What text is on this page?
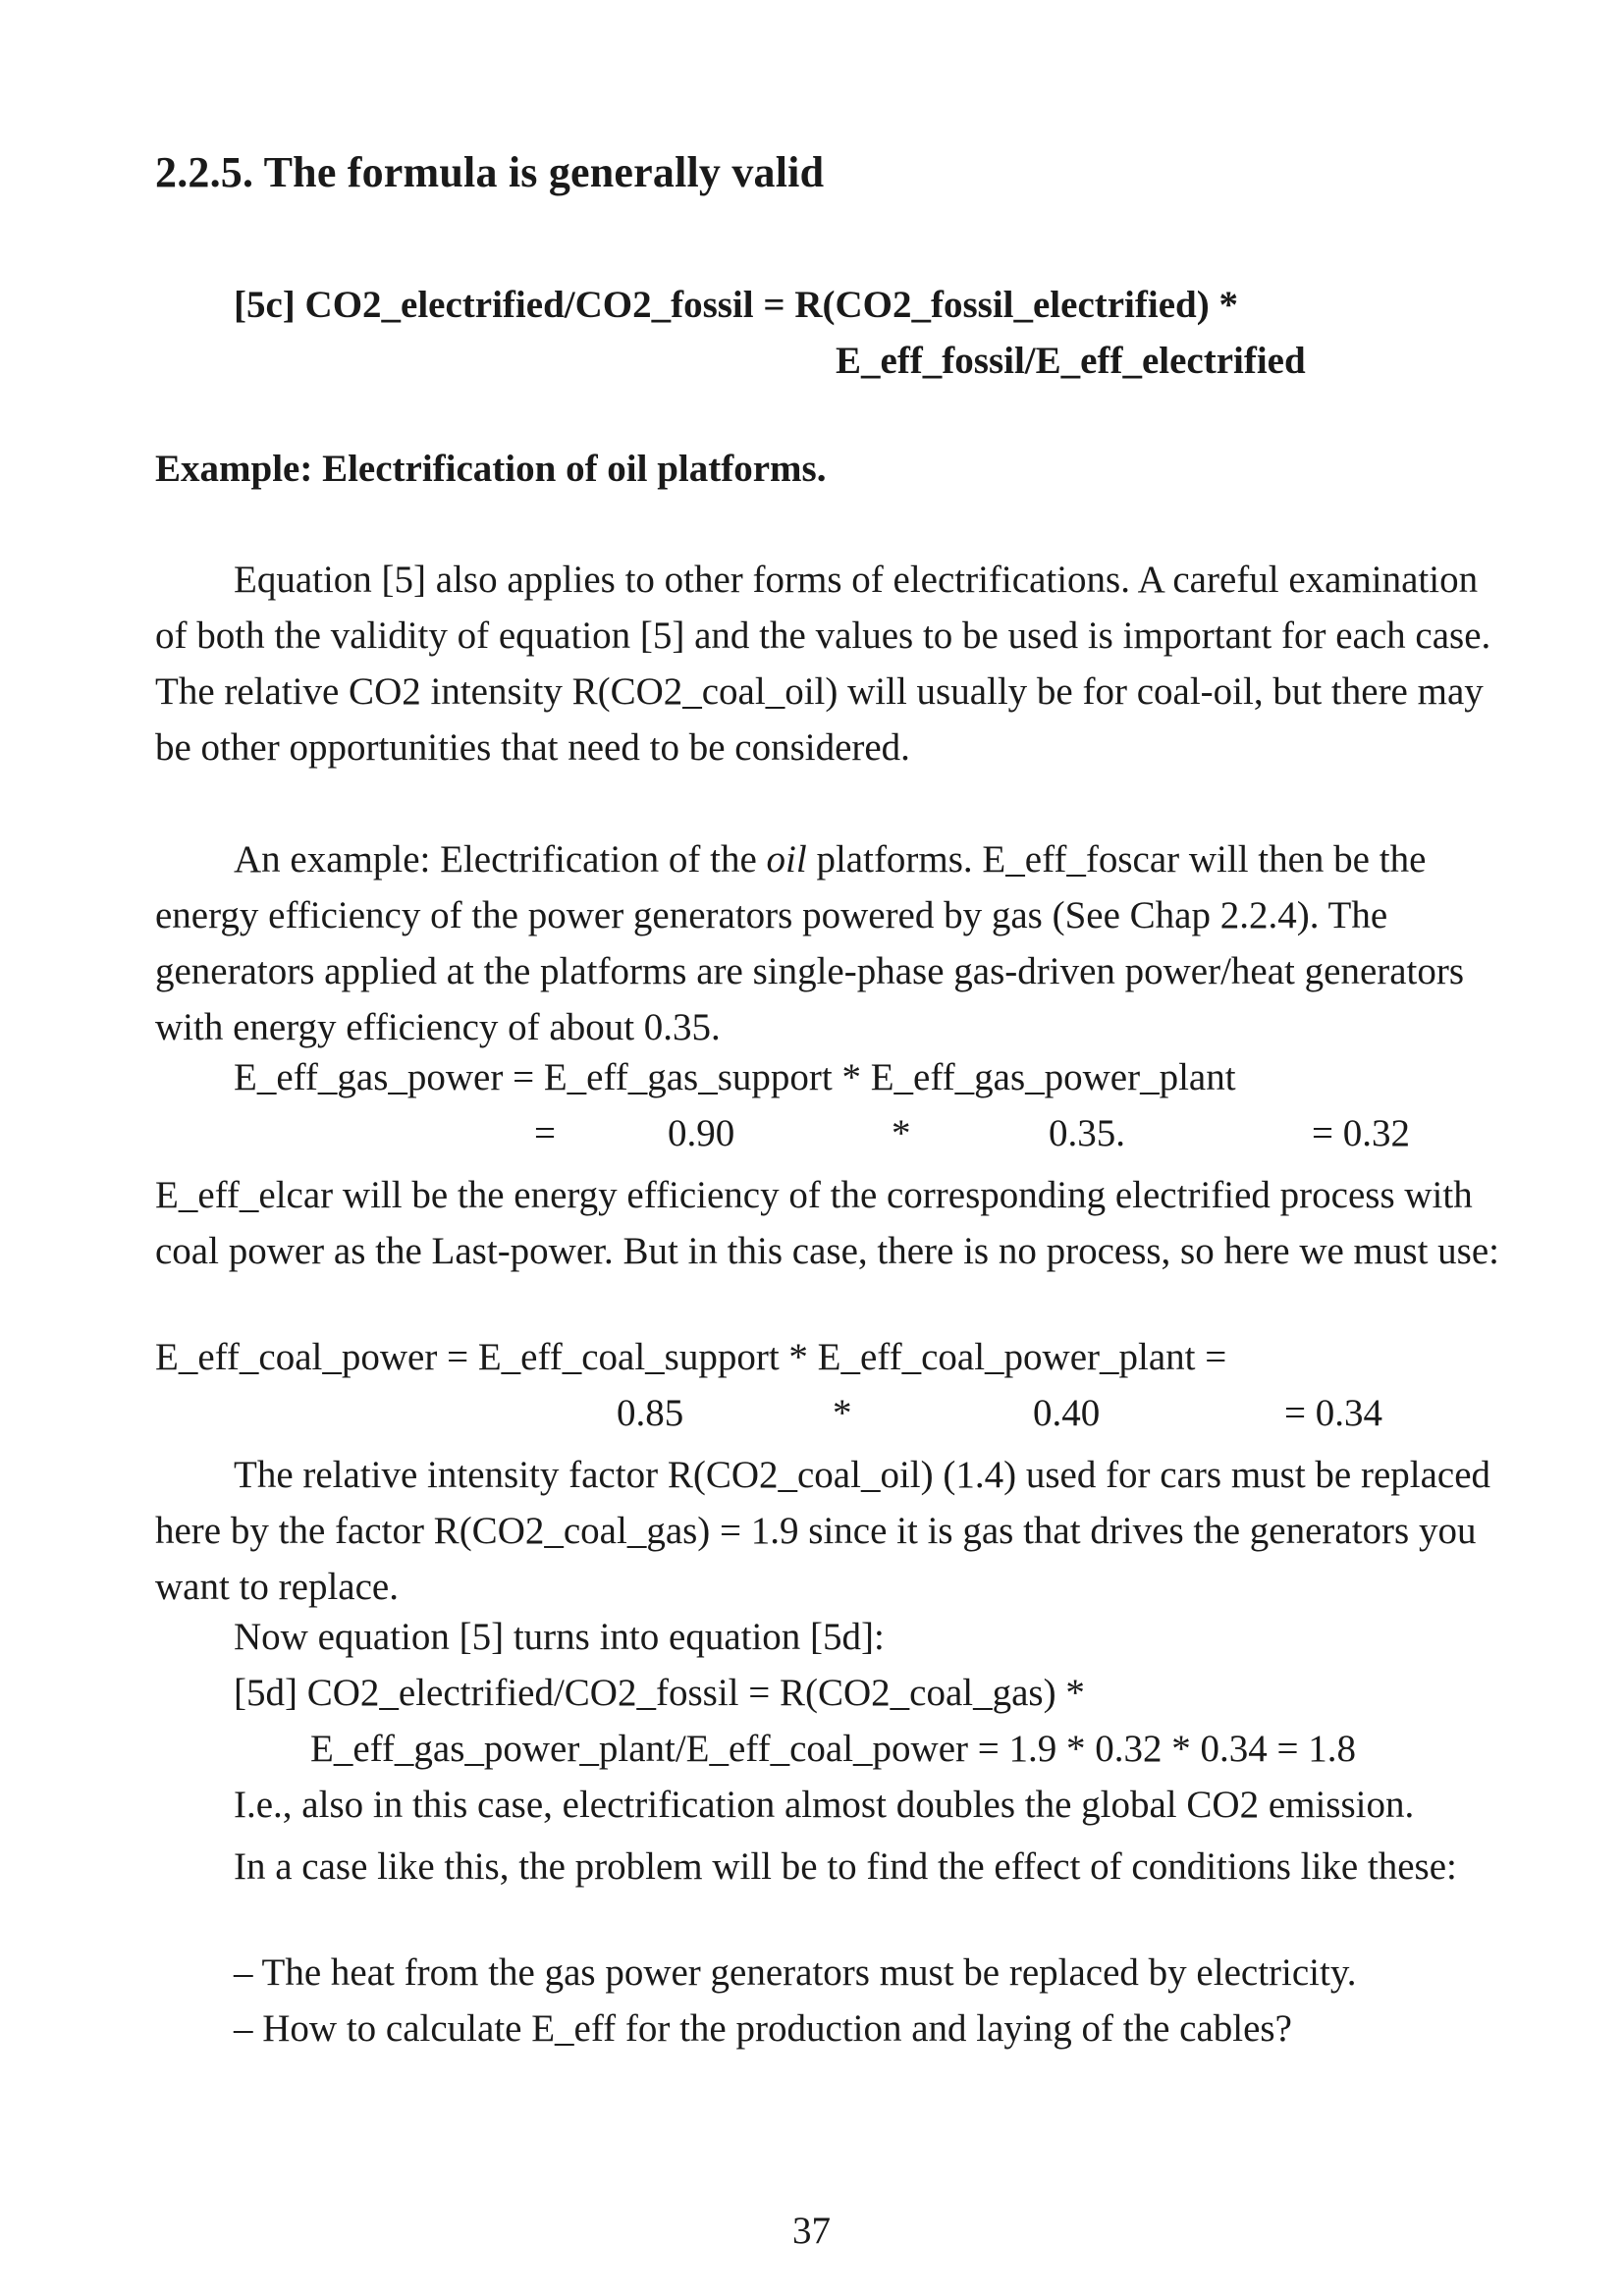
2.2.5. The formula is generally valid
[5c] CO2_electrified/CO2_fossil = R(CO2_fossil_electrified) *
E_eff_fossil/E_eff_electrified
Example: Electrification of oil platforms.
Equation [5] also applies to other forms of electrifications. A careful examination of both the validity of equation [5] and the values to be used is important for each case. The relative CO2 intensity R(CO2_coal_oil) will usually be for coal-oil, but there may be other opportunities that need to be considered.
An example: Electrification of the oil platforms. E_eff_foscar will then be the energy efficiency of the power generators powered by gas (See Chap 2.2.4). The generators applied at the platforms are single-phase gas-driven power/heat generators with energy efficiency of about 0.35.
E_eff_gas_power = E_eff_gas_support * E_eff_gas_power_plant
=	0.90	*	0.35.	= 0.32
E_eff_elcar will be the energy efficiency of the corresponding electrified process with coal power as the Last-power. But in this case, there is no process, so here we must use:
E_eff_coal_power = E_eff_coal_support * E_eff_coal_power_plant =
0.85	*	0.40	= 0.34
The relative intensity factor R(CO2_coal_oil) (1.4) used for cars must be replaced here by the factor R(CO2_coal_gas) = 1.9 since it is gas that drives the generators you want to replace.
Now equation [5] turns into equation [5d]:
[5d] CO2_electrified/CO2_fossil = R(CO2_coal_gas) *
E_eff_gas_power_plant/E_eff_coal_power = 1.9 * 0.32 * 0.34 = 1.8
I.e., also in this case, electrification almost doubles the global CO2 emission.
In a case like this, the problem will be to find the effect of conditions like these:
– The heat from the gas power generators must be replaced by electricity.
– How to calculate E_eff for the production and laying of the cables?
37
